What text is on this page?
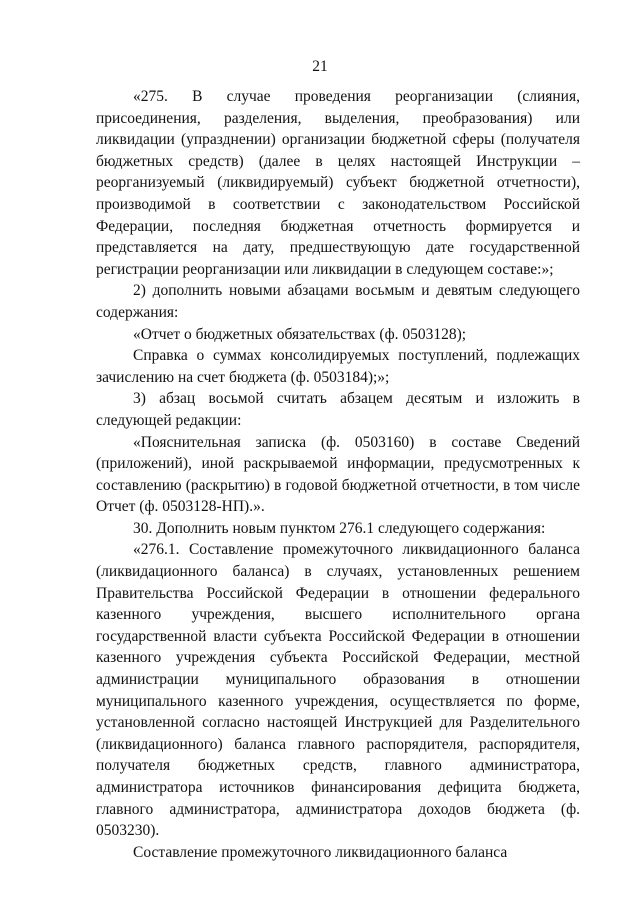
21

«275. В случае проведения реорганизации (слияния, присоединения, разделения, выделения, преобразования) или ликвидации (упразднении) организации бюджетной сферы (получателя бюджетных средств) (далее в целях настоящей Инструкции – реорганизуемый (ликвидируемый) субъект бюджетной отчетности), производимой в соответствии с законодательством Российской Федерации, последняя бюджетная отчетность формируется и представляется на дату, предшествующую дате государственной регистрации реорганизации или ликвидации в следующем составе:»;

2) дополнить новыми абзацами восьмым и девятым следующего содержания:

«Отчет о бюджетных обязательствах (ф. 0503128);

Справка о суммах консолидируемых поступлений, подлежащих зачислению на счет бюджета (ф. 0503184);»;

3) абзац восьмой считать абзацем десятым и изложить в следующей редакции:

«Пояснительная записка (ф. 0503160) в составе Сведений (приложений), иной раскрываемой информации, предусмотренных к составлению (раскрытию) в годовой бюджетной отчетности, в том числе Отчет (ф. 0503128-НП).».

30. Дополнить новым пунктом 276.1 следующего содержания:

«276.1. Составление промежуточного ликвидационного баланса (ликвидационного баланса) в случаях, установленных решением Правительства Российской Федерации в отношении федерального казенного учреждения, высшего исполнительного органа государственной власти субъекта Российской Федерации в отношении казенного учреждения субъекта Российской Федерации, местной администрации муниципального образования в отношении муниципального казенного учреждения, осуществляется по форме, установленной согласно настоящей Инструкцией для Разделительного (ликвидационного) баланса главного распорядителя, распорядителя, получателя бюджетных средств, главного администратора, администратора источников финансирования дефицита бюджета, главного администратора, администратора доходов бюджета (ф. 0503230).

Составление промежуточного ликвидационного баланса
